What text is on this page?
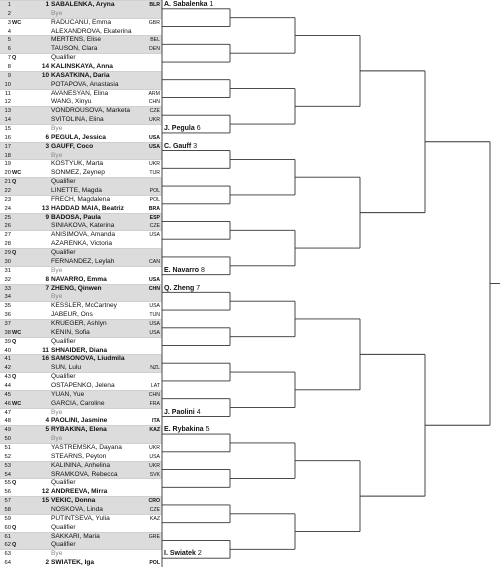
1	1 SABALENKA, Aryna	BLR
2	Bye
3 WC	RADUCANU, Emma	GBR
4	ALEXANDROVA, Ekaterina
5	MERTENS, Elise	BEL
6	TAUSON, Clara	DEN
7 Q	Qualifier
8	14 KALINSKAYA, Anna
9	10 KASATKINA, Daria
10	POTAPOVA, Anastasia
11	AVANESYAN, Elina	ARM
12	WANG, Xinyu	CHN
13	VONDROUSOVA, Marketa	CZE
14	SVITOLINA, Elina	UKR
15	Bye
16	6 PEGULA, Jessica	USA
17	3 GAUFF, Coco	USA
18	Bye
19	KOSTYUK, Marta	UKR
20 WC	SONMEZ, Zeynep	TUR
21 Q	Qualifier
22	LINETTE, Magda	POL
23	FRECH, Magdalena	POL
24	13 HADDAD MAIA, Beatriz	BRA
25	9 BADOSA, Paula	ESP
26	SINIAKOVA, Katerina	CZE
27	ANISIMOVA, Amanda	USA
28	AZARENKA, Victoria
29 Q	Qualifier
30	FERNANDEZ, Leylah	CAN
31	Bye
32	8 NAVARRO, Emma	USA
33	7 ZHENG, Qinwen	CHN
34	Bye
35	KESSLER, McCartney	USA
36	JABEUR, Ons	TUN
37	KRUEGER, Ashlyn	USA
38 WC	KENIN, Sofia	USA
39 Q	Qualifier
40	11 SHNAIDER, Diana
41	16 SAMSONOVA, Liudmila
42	SUN, Lulu	NZL
43 Q	Qualifier
44	OSTAPENKO, Jelena	LAT
45	YUAN, Yue	CHN
46 WC	GARCIA, Caroline	FRA
47	Bye
48	4 PAOLINI, Jasmine	ITA
49	5 RYBAKINA, Elena	KAZ
50	Bye
51	YASTREMSKA, Dayana	UKR
52	STEARNS, Peyton	USA
53	KALININA, Anhelina	UKR
54	SRAMKOVA, Rebecca	SVK
55 Q	Qualifier
56	12 ANDREEVA, Mirra
57	15 VEKIC, Donna	CRO
58	NOSKOVA, Linda	CZE
59	PUTINTSEVA, Yulia	KAZ
60 Q	Qualifier
61	SAKKARI, Maria	GRE
62 Q	Qualifier
63	Bye
64	2 SWIATEK, Iga	POL
A. Sabalenka 1
J. Pegula 6
C. Gauff 3
E. Navarro 8
Q. Zheng 7
J. Paolini 4
E. Rybakina 5
I. Swiatek 2
